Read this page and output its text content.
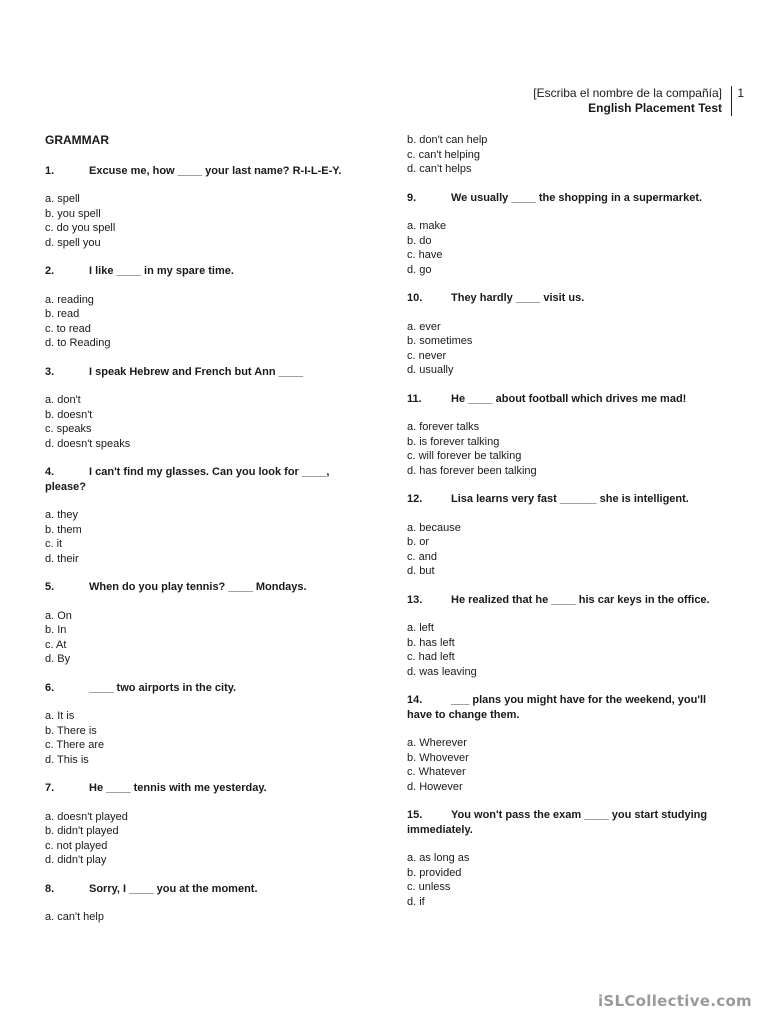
[Escriba el nombre de la compañía]
English Placement Test
1
GRAMMAR
1.	Excuse me, how ____ your last name? R-I-L-E-Y.
a. spell
b. you spell
c. do you spell
d. spell you
2.	I like ____ in my spare time.
a. reading
b. read
c. to read
d. to Reading
3.	I speak Hebrew and French but Ann ____
a. don't
b. doesn't
c. speaks
d. doesn't speaks
4.	I can't find my glasses. Can you look for ____, please?
a. they
b. them
c. it
d. their
5.	When do you play tennis? ____ Mondays.
a. On
b. In
c. At
d. By
6.	____ two airports in the city.
a. It is
b. There is
c. There are
d. This is
7.	He ____ tennis with me yesterday.
a. doesn't played
b. didn't played
c. not played
d. didn't play
8.	Sorry, I ____ you at the moment.
a. can't help
b. don't can help
c. can't helping
d. can't helps
9.	We usually ____ the shopping in a supermarket.
a. make
b. do
c. have
d. go
10.	They hardly ____ visit us.
a. ever
b. sometimes
c. never
d. usually
11.	He ____ about football which drives me mad!
a. forever talks
b. is forever talking
c. will forever be talking
d. has forever been talking
12.	Lisa learns very fast ______ she is intelligent.
a. because
b. or
c. and
d. but
13.	He realized that he ____ his car keys in the office.
a. left
b. has left
c. had left
d. was leaving
14.	___ plans you might have for the weekend, you'll have to change them.
a. Wherever
b. Whovever
c. Whatever
d. However
15.	You won't pass the exam ____ you start studying immediately.
a. as long as
b. provided
c. unless
d. if
iSLCollective.com
